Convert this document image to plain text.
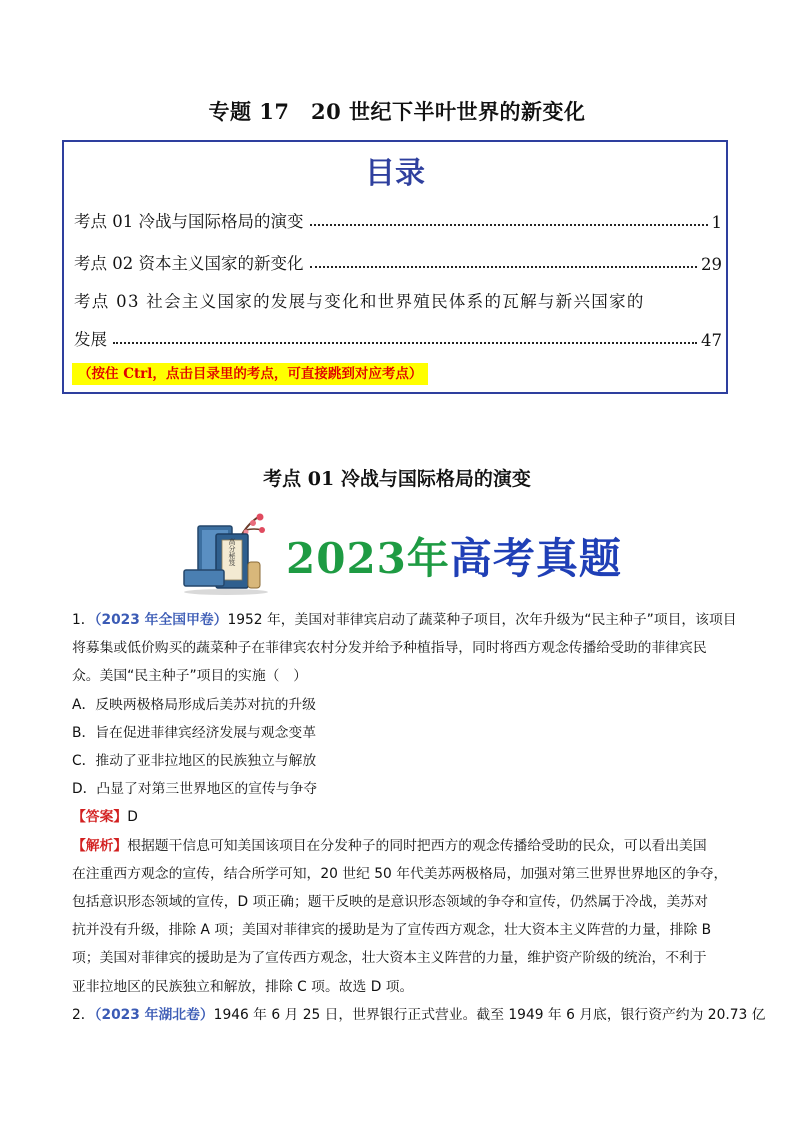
专题 17　20 世纪下半叶世界的新变化
目录
考点 01 冷战与国际格局的演变	1
考点 02 资本主义国家的新变化	29
考点 03 社会主义国家的发展与变化和世界殖民体系的瓦解与新兴国家的
发展	47
（按住 Ctrl，点击目录里的考点，可直接跳到对应考点）
考点 01 冷战与国际格局的演变
高分秘笈 2023年高考真题

1．（2023 年全国甲卷）1952 年，美国对菲律宾启动了蔬菜种子项目，次年升级为“民主种子”项目，该项目

将募集或低价购买的蔬菜种子在菲律宾农村分发并给予种植指导，同时将西方观念传播给受助的菲律宾民

众。美国“民主种子”项目的实施（　）

A．反映两极格局形成后美苏对抗的升级

B．旨在促进菲律宾经济发展与观念变革

C．推动了亚非拉地区的民族独立与解放

D．凸显了对第三世界地区的宣传与争夺

【答案】D

【解析】根据题干信息可知美国该项目在分发种子的同时把西方的观念传播给受助的民众，可以看出美国

在注重西方观念的宣传，结合所学可知，20 世纪 50 年代美苏两极格局，加强对第三世界世界地区的争夺，

包括意识形态领域的宣传，D 项正确；题干反映的是意识形态领域的争夺和宣传，仍然属于冷战，美苏对

抗并没有升级，排除 A 项；美国对菲律宾的援助是为了宣传西方观念，壮大资本主义阵营的力量，排除 B

项；美国对菲律宾的援助是为了宣传西方观念，壮大资本主义阵营的力量，维护资产阶级的统治，不利于

亚非拉地区的民族独立和解放，排除 C 项。故选 D 项。

2．（2023 年湖北卷）1946 年 6 月 25 日，世界银行正式营业。截至 1949 年 6 月底，银行资产约为 20.73 亿
